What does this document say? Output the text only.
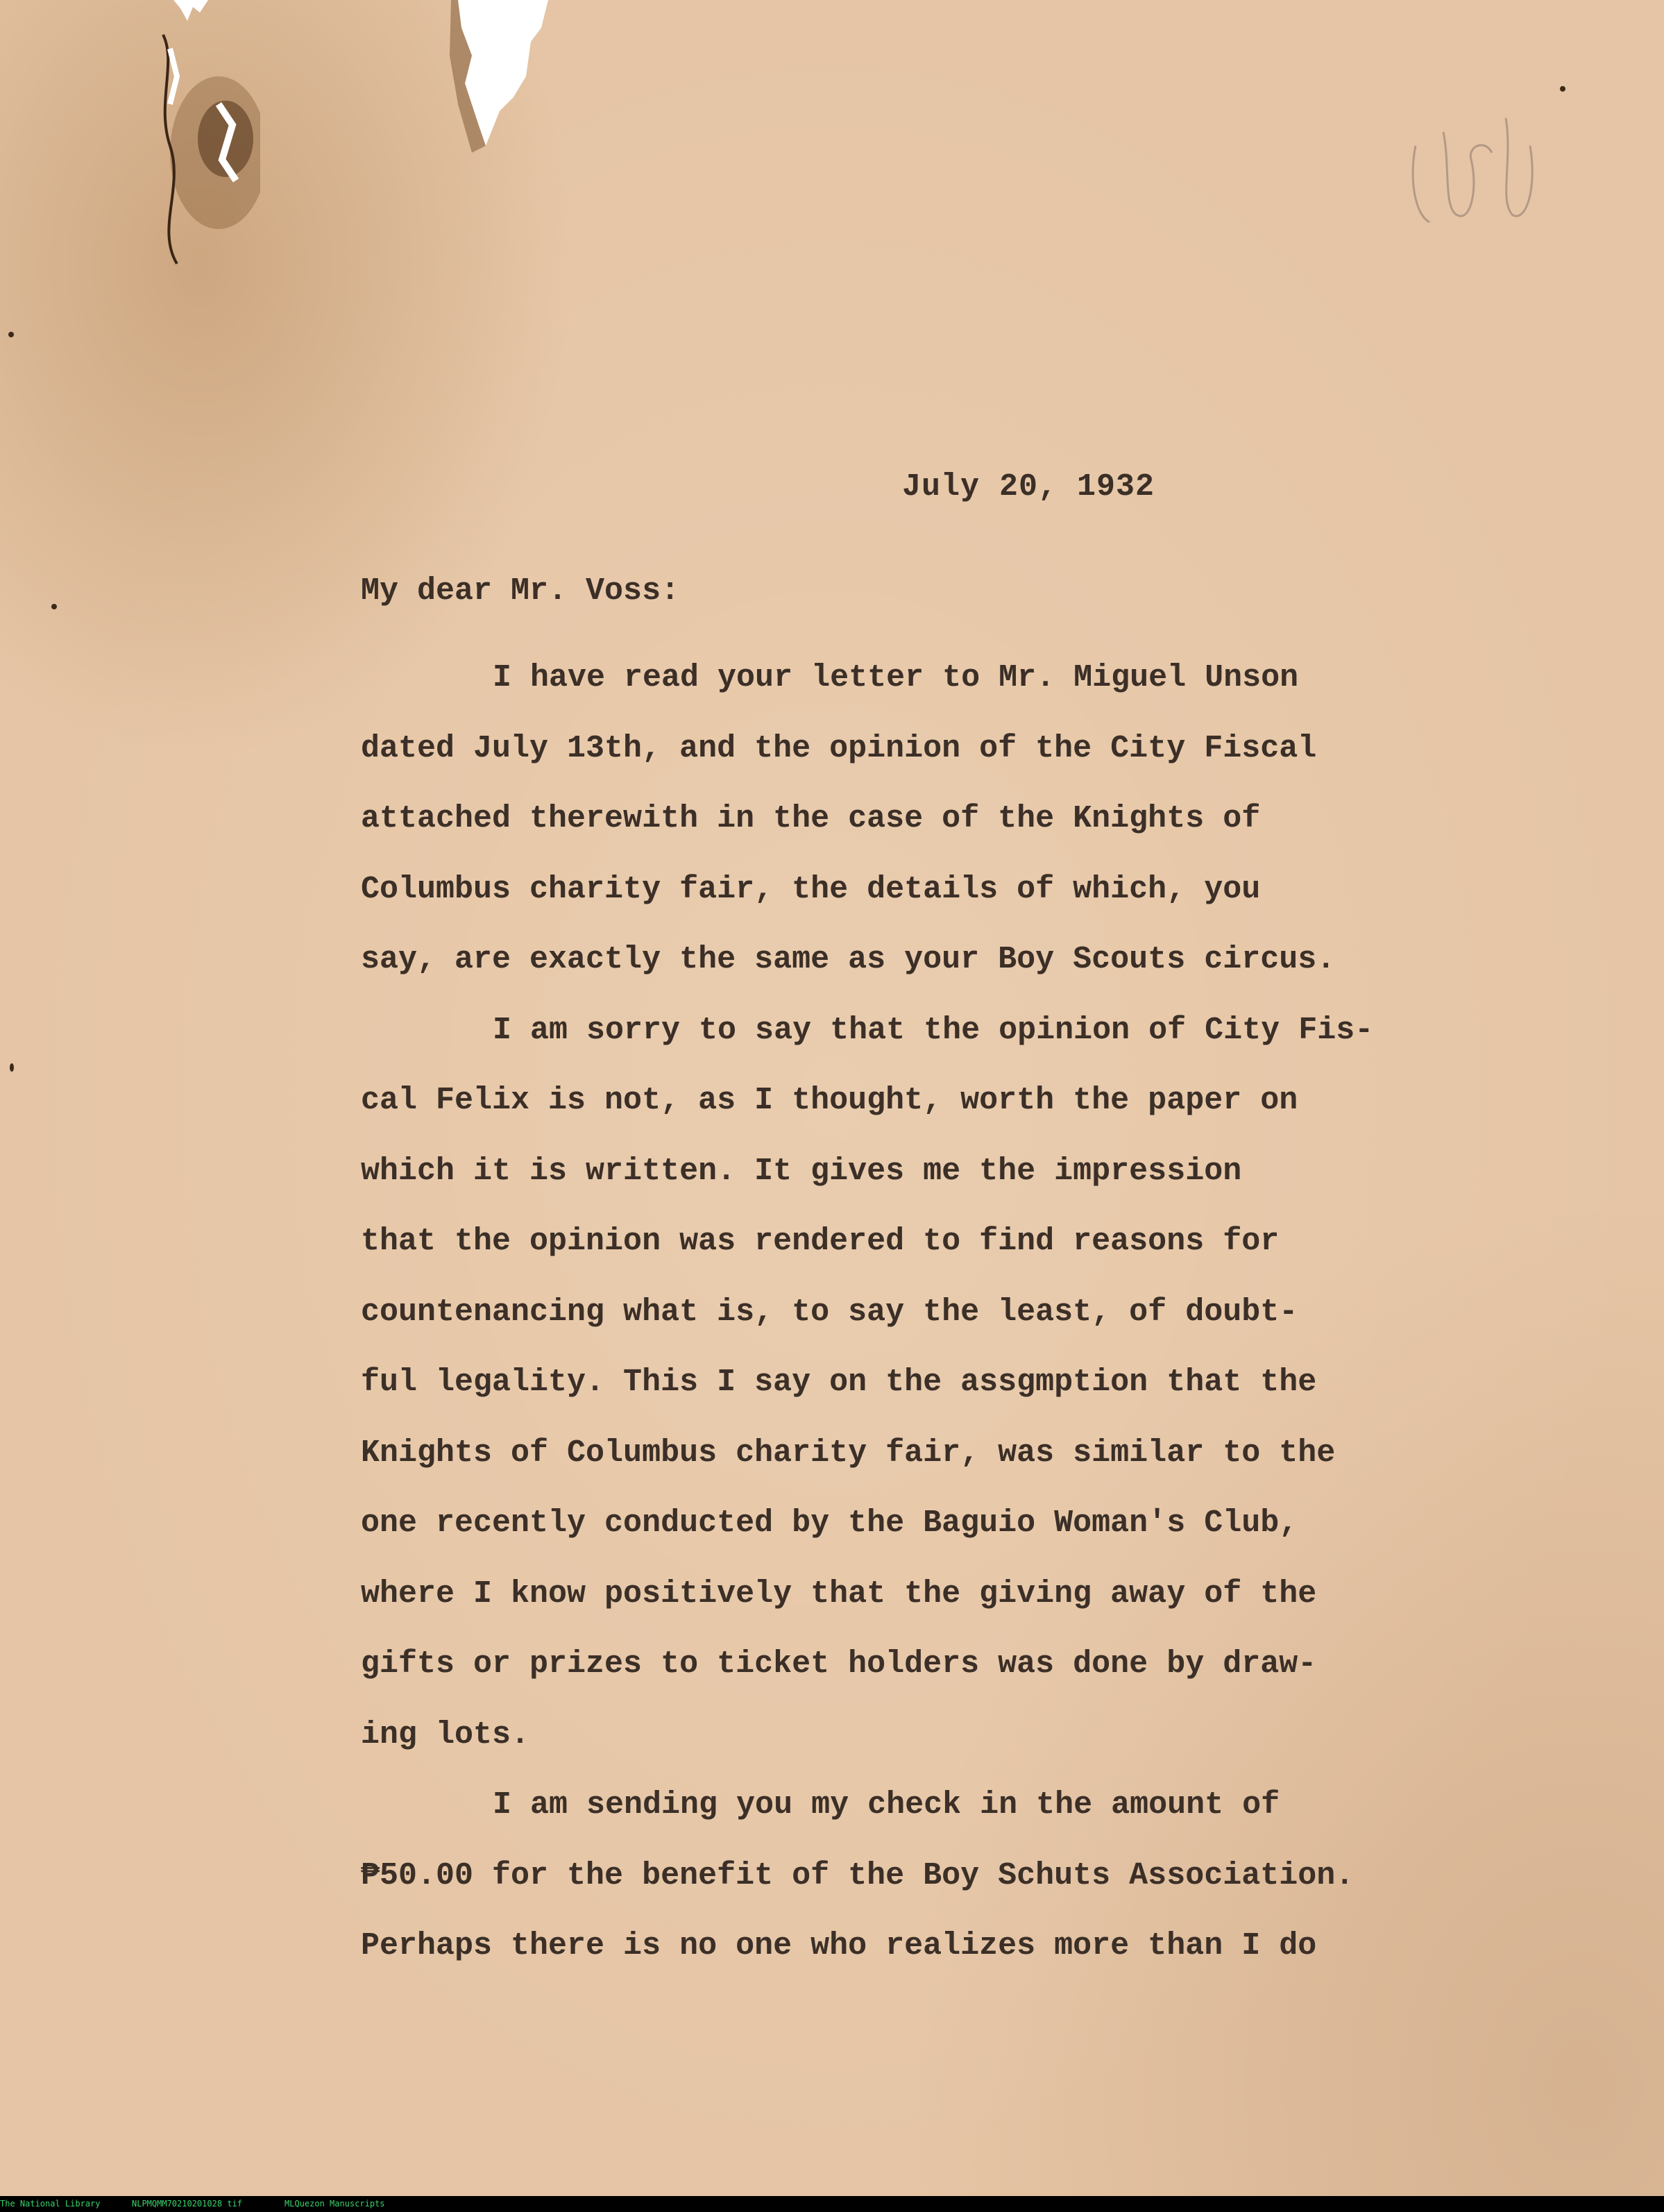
July 20, 1932
My dear Mr. Voss:
I have read your letter to Mr. Miguel Unson
dated July 13th, and the opinion of the City Fiscal
attached therewith in the case of the Knights of
Columbus charity fair, the details of which, you
say, are exactly the same as your Boy Scouts circus.
I am sorry to say that the opinion of City Fis-
cal Felix is not, as I thought, worth the paper on
which it is written. It gives me the impression
that the opinion was rendered to find reasons for
countenancing what is, to say the least, of doubt-
ful legality. This I say on the assgmption that the
Knights of Columbus charity fair, was similar to the
one recently conducted by the Baguio Woman's Club,
where I know positively that the giving away of the
gifts or prizes to ticket holders was done by draw-
ing lots.
I am sending you my check in the amount of
₱50.00 for the benefit of the Boy Schuts Association.
Perhaps there is no one who realizes more than I do
The National Library	NLPMQMM70210201028 tif	MLQuezon Manuscripts
